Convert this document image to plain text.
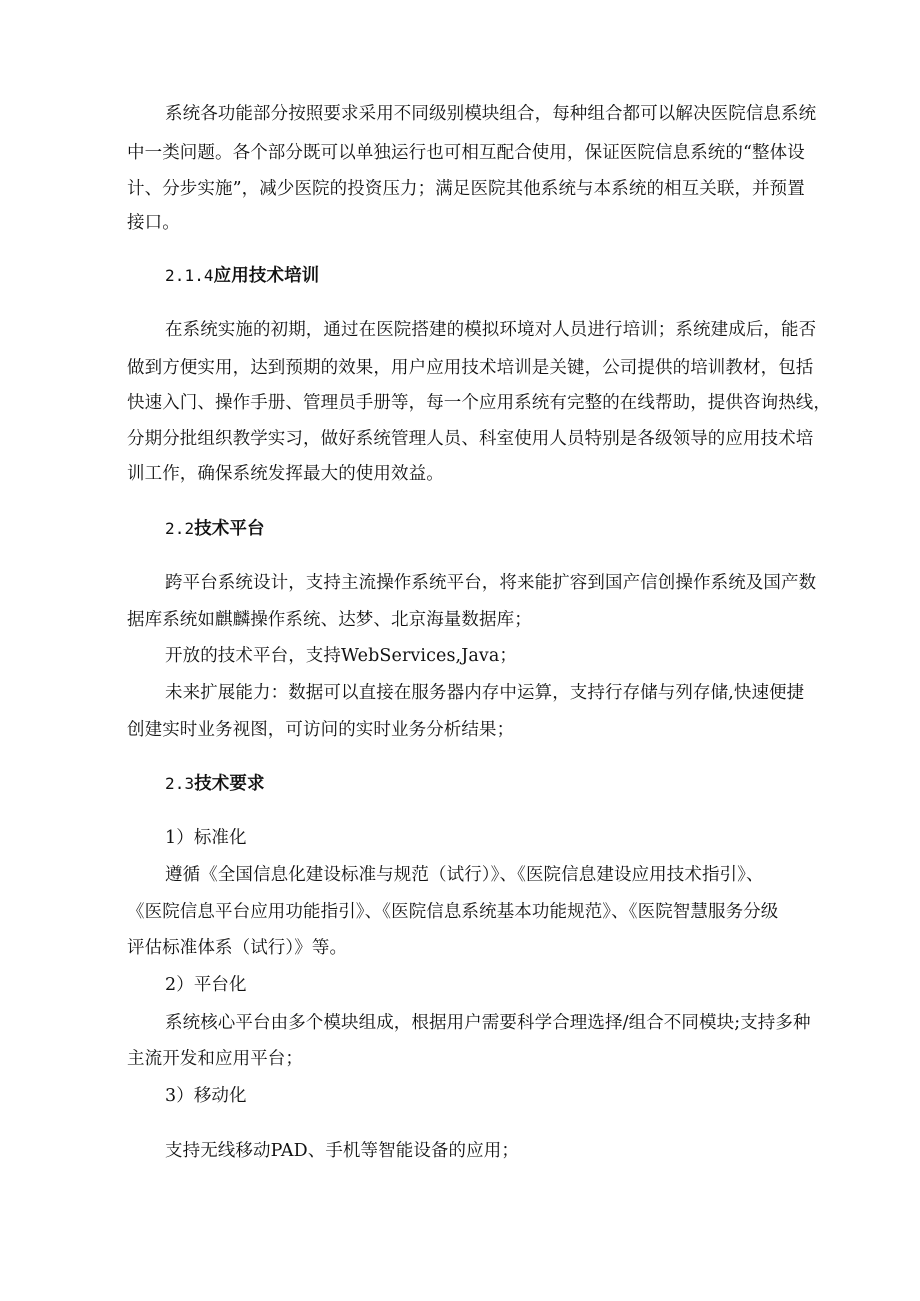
系统各功能部分按照要求采用不同级别模块组合，每种组合都可以解决医院信息系统
中一类问题。各个部分既可以单独运行也可相互配合使用，保证医院信息系统的“整体设
计、分步实施”，减少医院的投资压力；满足医院其他系统与本系统的相互关联，并预置
接口。
2.1.4应用技术培训
在系统实施的初期，通过在医院搭建的模拟环境对人员进行培训；系统建成后，能否
做到方便实用，达到预期的效果，用户应用技术培训是关键，公司提供的培训教材，包括
快速入门、操作手册、管理员手册等，每一个应用系统有完整的在线帮助，提供咨询热线，
分期分批组织教学实习，做好系统管理人员、科室使用人员特别是各级领导的应用技术培
训工作，确保系统发挥最大的使用效益。
2.2技术平台
跨平台系统设计，支持主流操作系统平台，将来能扩容到国产信创操作系统及国产数
据库系统如麒麟操作系统、达梦、北京海量数据库；
开放的技术平台，支持WebServices,Java；
未来扩展能力：数据可以直接在服务器内存中运算，支持行存储与列存储,快速便捷
创建实时业务视图，可访问的实时业务分析结果；
2.3技术要求
1）标准化
遵循《全国信息化建设标准与规范（试行）》、《医院信息建设应用技术指引》、
《医院信息平台应用功能指引》、《医院信息系统基本功能规范》、《医院智慧服务分级
评估标准体系（试行）》等。
2）平台化
系统核心平台由多个模块组成，根据用户需要科学合理选择/组合不同模块;支持多种
主流开发和应用平台；
3）移动化
支持无线移动PAD、手机等智能设备的应用；
